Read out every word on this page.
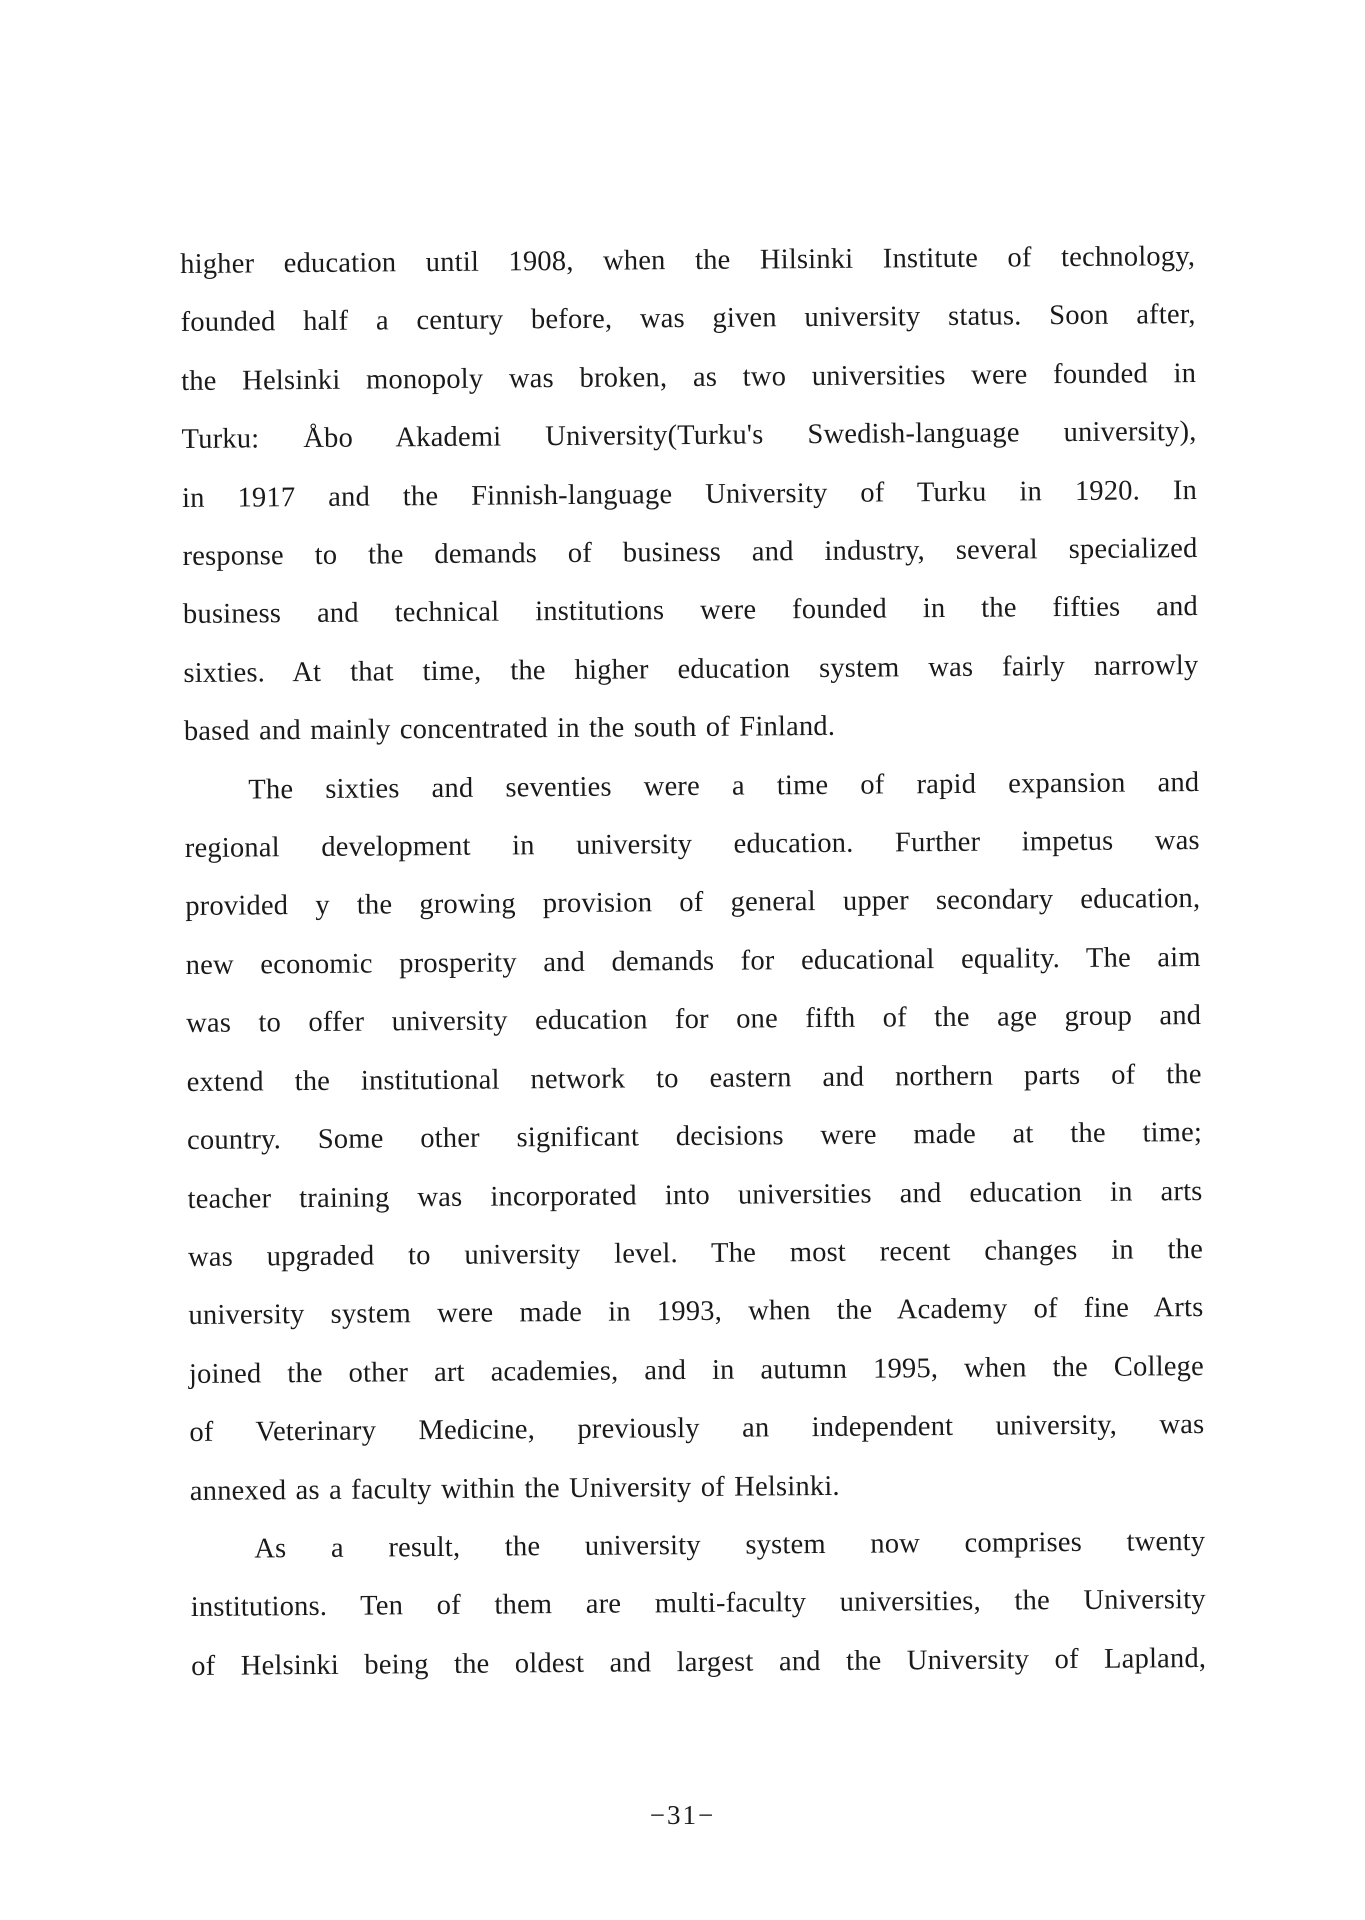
higher education until 1908, when the Hilsinki Institute of technology,
founded half a century before, was given university status. Soon after,
the Helsinki monopoly was broken, as two universities were founded in
Turku: Åbo Akademi University(Turku's Swedish-language university),
in 1917 and the Finnish-language University of Turku in 1920. In
response to the demands of business and industry, several specialized
business and technical institutions were founded in the fifties and
sixties. At that time, the higher education system was fairly narrowly
based and mainly concentrated in the south of Finland.

The sixties and seventies were a time of rapid expansion and
regional development in university education. Further impetus was
provided y the growing provision of general upper secondary education,
new economic prosperity and demands for educational equality. The aim
was to offer university education for one fifth of the age group and
extend the institutional network to eastern and northern parts of the
country. Some other significant decisions were made at the time;
teacher training was incorporated into universities and education in arts
was upgraded to university level. The most recent changes in the
university system were made in 1993, when the Academy of fine Arts
joined the other art academies, and in autumn 1995, when the College
of Veterinary Medicine, previously an independent university, was
annexed as a faculty within the University of Helsinki.

As a result, the university system now comprises twenty
institutions. Ten of them are multi-faculty universities, the University
of Helsinki being the oldest and largest and the University of Lapland,

−31−
